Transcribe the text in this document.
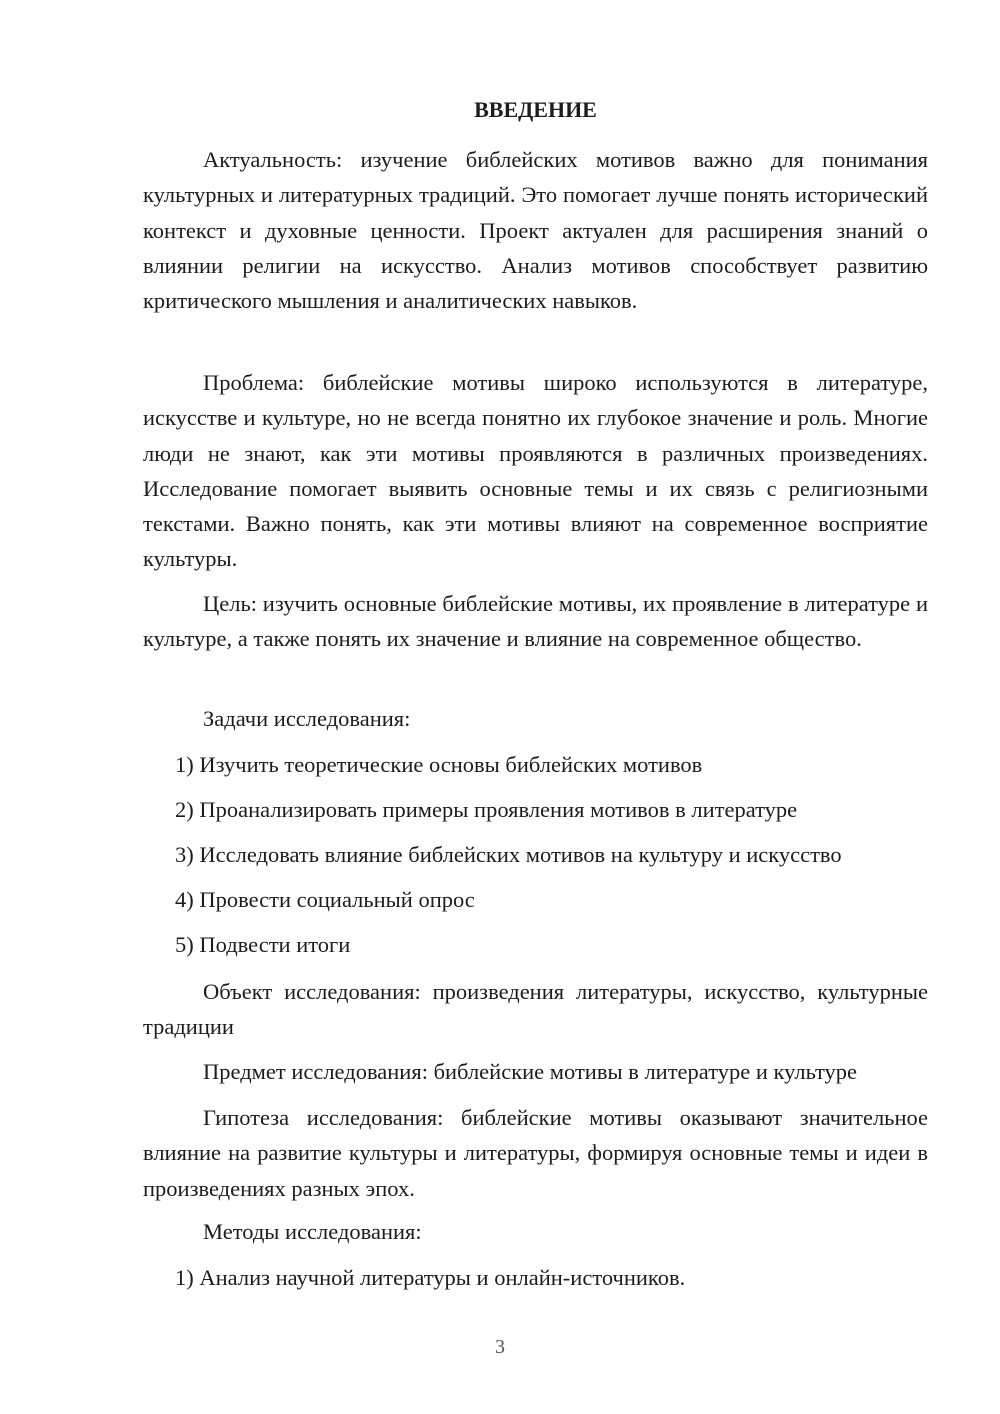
ВВЕДЕНИЕ

Актуальность: изучение библейских мотивов важно для понимания культурных и литературных традиций. Это помогает лучше понять исторический контекст и духовные ценности. Проект актуален для расширения знаний о влиянии религии на искусство. Анализ мотивов способствует развитию критического мышления и аналитических навыков.

Проблема: библейские мотивы широко используются в литературе, искусстве и культуре, но не всегда понятно их глубокое значение и роль. Многие люди не знают, как эти мотивы проявляются в различных произведениях. Исследование помогает выявить основные темы и их связь с религиозными текстами. Важно понять, как эти мотивы влияют на современное восприятие культуры.

Цель: изучить основные библейские мотивы, их проявление в литературе и культуре, а также понять их значение и влияние на современное общество.

Задачи исследования:

1) Изучить теоретические основы библейских мотивов

2) Проанализировать примеры проявления мотивов в литературе

3) Исследовать влияние библейских мотивов на культуру и искусство

4) Провести социальный опрос

5) Подвести итоги

Объект исследования: произведения литературы, искусство, культурные традиции

Предмет исследования: библейские мотивы в литературе и культуре

Гипотеза исследования: библейские мотивы оказывают значительное влияние на развитие культуры и литературы, формируя основные темы и идеи в произведениях разных эпох.

Методы исследования:

1) Анализ научной литературы и онлайн-источников.

3
